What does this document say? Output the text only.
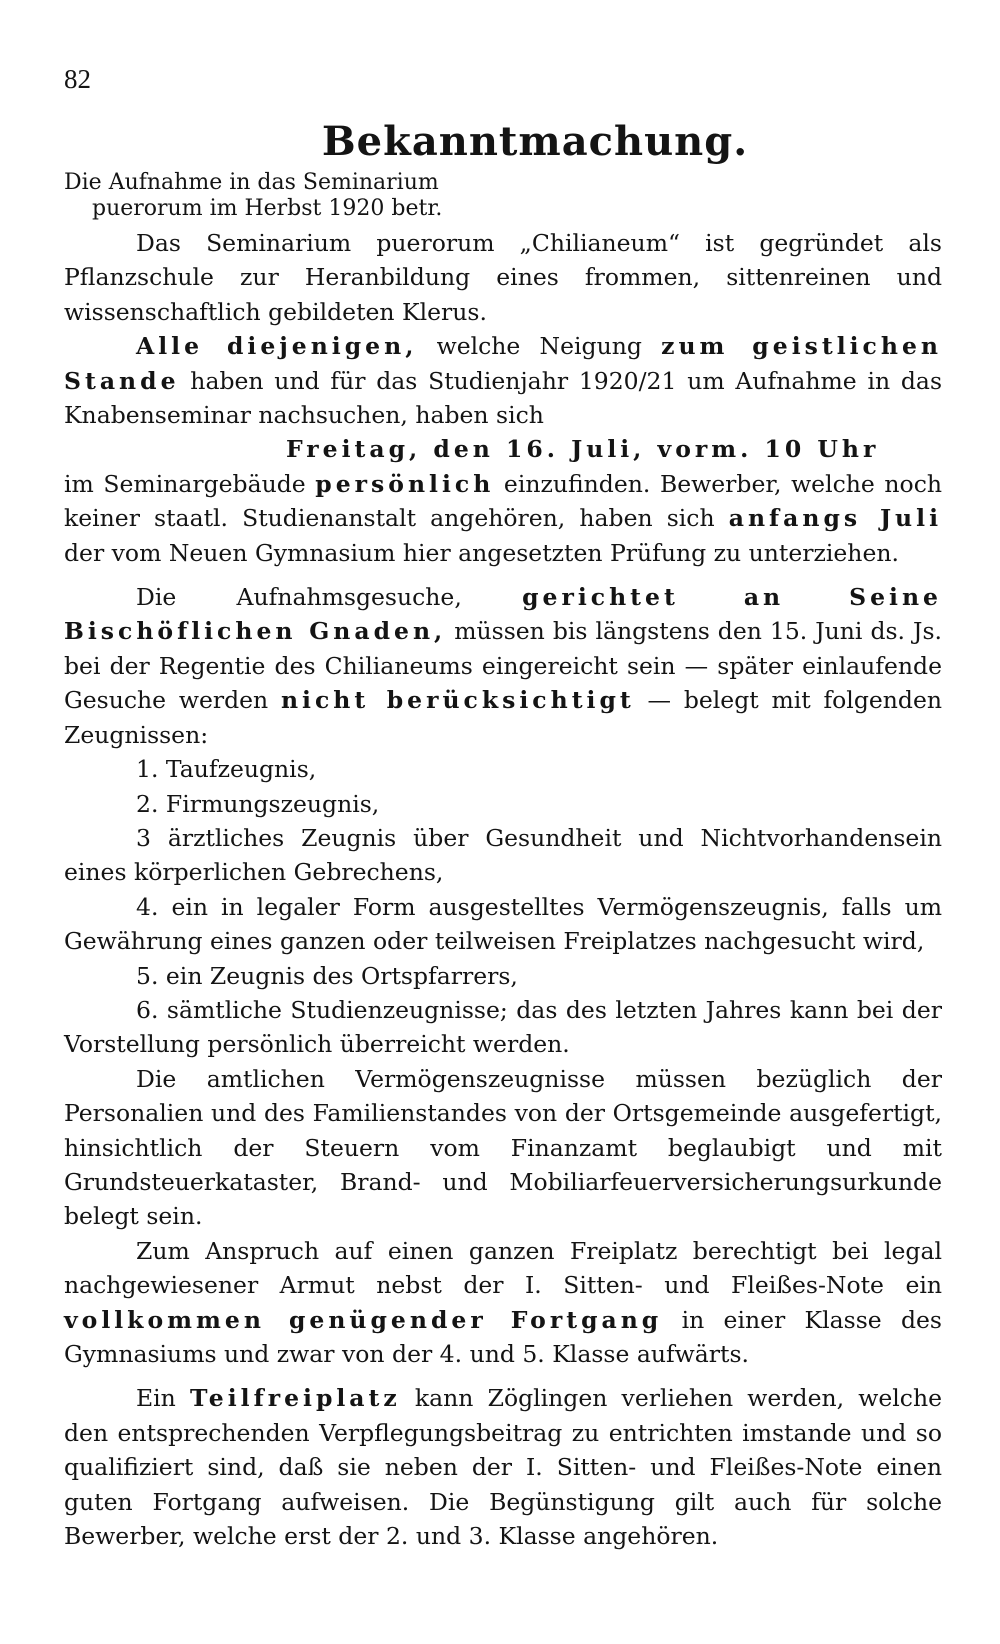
82
Bekanntmachung.
Die Aufnahme in das Seminarium
puerorum im Herbst 1920 betr.

Das Seminarium puerorum „Chilianeum“ ist gegründet als Pflanzschule zur Heranbildung eines frommen, sittenreinen und wissenschaftlich gebildeten Klerus.

Alle diejenigen, welche Neigung zum geistlichen Stande haben und für das Studienjahr 1920/21 um Aufnahme in das Knabenseminar nachsuchen, haben sich

Freitag, den 16. Juli, vorm. 10 Uhr

im Seminargebäude persönlich einzufinden. Bewerber, welche noch keiner staatl. Studienanstalt angehören, haben sich anfangs Juli der vom Neuen Gymnasium hier angesetzten Prüfung zu unterziehen.

Die Aufnahmsgesuche, gerichtet an Seine Bischöflichen Gnaden, müssen bis längstens den 15. Juni ds. Js. bei der Regentie des Chilianeums eingereicht sein — später einlaufende Gesuche werden nicht berücksichtigt — belegt mit folgenden Zeugnissen:

1. Taufzeugnis,
2. Firmungszeugnis,
3 ärztliches Zeugnis über Gesundheit und Nichtvorhandensein eines körperlichen Gebrechens,
4. ein in legaler Form ausgestelltes Vermögenszeugnis, falls um Gewährung eines ganzen oder teilweisen Freiplatzes nachgesucht wird,
5. ein Zeugnis des Ortspfarrers,
6. sämtliche Studienzeugnisse; das des letzten Jahres kann bei der Vorstellung persönlich überreicht werden.

Die amtlichen Vermögenszeugnisse müssen bezüglich der Personalien und des Familienstandes von der Ortsgemeinde ausgefertigt, hinsichtlich der Steuern vom Finanzamt beglaubigt und mit Grundsteuerkataster, Brand- und Mobiliarfeuerversicherungsurkunde belegt sein.

Zum Anspruch auf einen ganzen Freiplatz berechtigt bei legal nachgewiesener Armut nebst der I. Sitten- und Fleißes-Note ein vollkommen genügender Fortgang in einer Klasse des Gymnasiums und zwar von der 4. und 5. Klasse aufwärts.

Ein Teilfreiplatz kann Zöglingen verliehen werden, welche den entsprechenden Verpflegungsbeitrag zu entrichten imstande und so qualifiziert sind, daß sie neben der I. Sitten- und Fleißes-Note einen guten Fortgang aufweisen. Die Begünstigung gilt auch für solche Bewerber, welche erst der 2. und 3. Klasse angehören.
